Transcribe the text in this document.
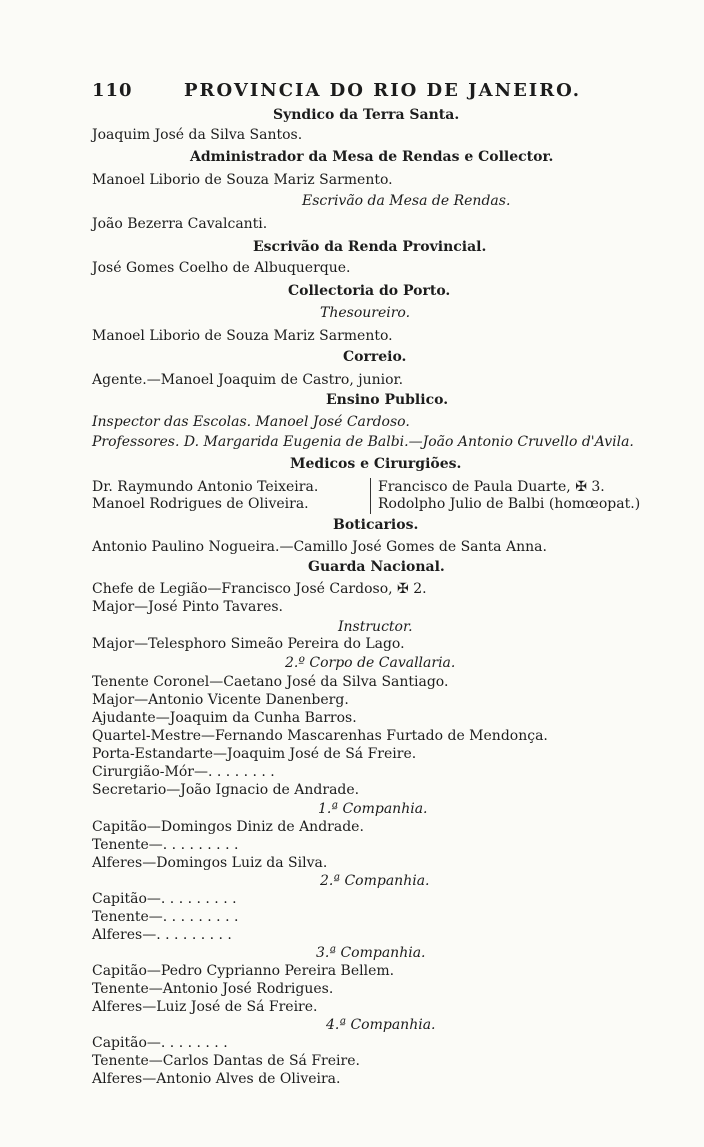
110	PROVINCIA DO RIO DE JANEIRO.
Syndico da Terra Santa.
Joaquim José da Silva Santos.
Administrador da Mesa de Rendas e Collector.
Manoel Liborio de Souza Mariz Sarmento.
Escrivão da Mesa de Rendas.
João Bezerra Cavalcanti.
Escrivão da Renda Provincial.
José Gomes Coelho de Albuquerque.
Collectoria do Porto.
Thesoureiro.
Manoel Liborio de Souza Mariz Sarmento.
Correio.
Agente.—Manoel Joaquim de Castro, junior.
Ensino Publico.
Inspector das Escolas. Manoel José Cardoso.
Professores. D. Margarida Eugenia de Balbi.—João Antonio Cruvello d'Avila.
Medicos e Cirurgiões.
Dr. Raymundo Antonio Teixeira.
Manoel Rodrigues de Oliveira.
Boticarios.
Antonio Paulino Nogueira.—Camillo José Gomes de Santa Anna.
Guarda Nacional.
Chefe de Legião—Francisco José Cardoso, ✠ 2.
Major—José Pinto Tavares.
Instructor.
Major—Telesphoro Simeão Pereira do Lago.
2.º Corpo de Cavallaria.
Tenente Coronel—Caetano José da Silva Santiago.
Major—Antonio Vicente Danenberg.
Ajudante—Joaquim da Cunha Barros.
Quartel-Mestre—Fernando Mascarenhas Furtado de Mendonça.
Porta-Estandarte—Joaquim José de Sá Freire.
Cirurgião-Mór—. . . . . . . .
Secretario—João Ignacio de Andrade.
1.ª Companhia.
Capitão—Domingos Diniz de Andrade.
Tenente—. . . . . . . . .
Alferes—Domingos Luiz da Silva.
2.ª Companhia.
Capitão—. . . . . . . . .
Tenente—. . . . . . . . .
Alferes—. . . . . . . . .
3.ª Companhia.
Capitão—Pedro Cyprianno Pereira Bellem.
Tenente—Antonio José Rodrigues.
Alferes—Luiz José de Sá Freire.
4.ª Companhia.
Capitão—. . . . . . . .
Tenente—Carlos Dantas de Sá Freire.
Alferes—Antonio Alves de Oliveira.
Francisco de Paula Duarte, ✠ 3.
Rodolpho Julio de Balbi (homœopat.)
